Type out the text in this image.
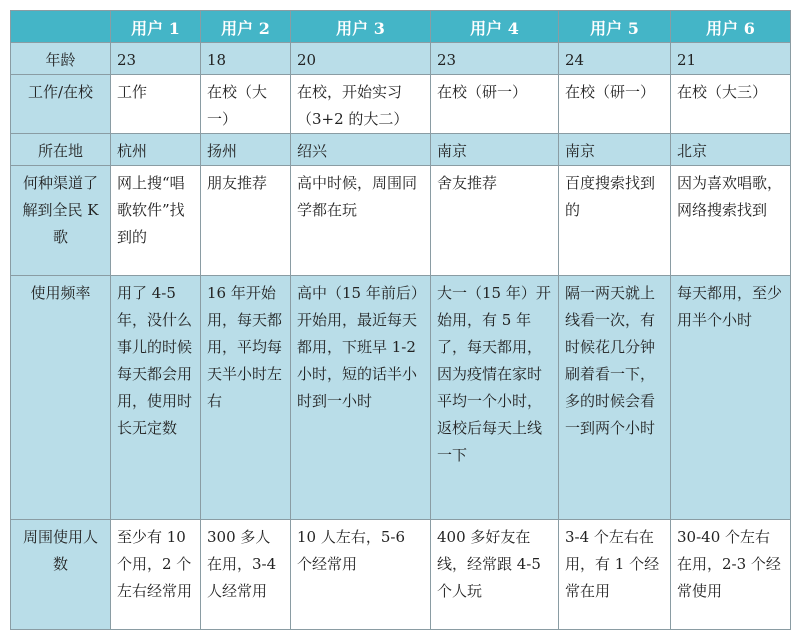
	用户 1	用户 2	用户 3	用户 4	用户 5	用户 6
年龄	23	18	20	23	24	21

工作/在校	工作	在校（大一）	在校，开始实习（3+2 的大二）	在校（研一）	在校（研一）	在校（大三）

所在地	杭州	扬州	绍兴	南京	南京	北京

何种渠道了解到全民 K 歌	网上搜“唱歌软件”找到的	朋友推荐	高中时候，周围同学都在玩	舍友推荐	百度搜索找到的	因为喜欢唱歌，网络搜索找到

使用频率	用了 4-5 年，没什么事儿的时候每天都会用用，使用时长无定数	16 年开始用，每天都用，平均每天半小时左右	高中（15 年前后）开始用，最近每天都用，下班早 1-2 小时，短的话半小时到一小时	大一（15 年）开始用，有 5 年了，每天都用，因为疫情在家时平均一个小时，返校后每天上线一下	隔一两天就上线看一次，有时候花几分钟刷着看一下，多的时候会看一到两个小时	每天都用，至少用半个小时

周围使用人数	至少有 10 个用，2 个左右经常用	300 多人在用，3-4 人经常用	10 人左右，5-6 个经常用	400 多好友在线，经常跟 4-5 个人玩	3-4 个左右在用，有 1 个经常在用	30-40 个左右在用，2-3 个经常使用
